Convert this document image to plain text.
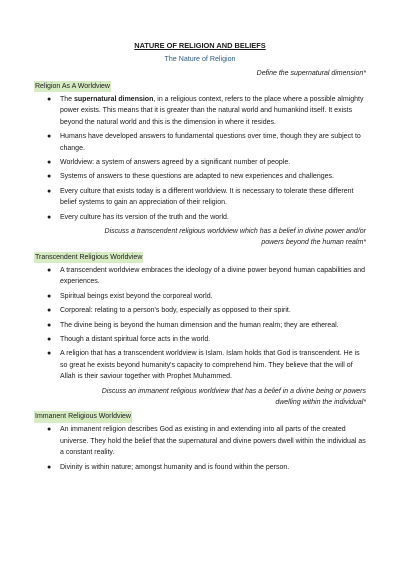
NATURE OF RELIGION AND BELIEFS

The Nature of Religion

Define the supernatural dimension*

Religion As A Worldview
● The supernatural dimension, in a religious context, refers to the place where a possible almighty power exists. This means that it is greater than the natural world and humankind itself. It exists beyond the natural world and this is the dimension in where it resides.
● Humans have developed answers to fundamental questions over time, though they are subject to change.
● Worldview: a system of answers agreed by a significant number of people.
● Systems of answers to these questions are adapted to new experiences and challenges.
● Every culture that exists today is a different worldview. It is necessary to tolerate these different belief systems to gain an appreciation of their religion.
● Every culture has its version of the truth and the world.

Discuss a transcendent religious worldview which has a belief in divine power and/or powers beyond the human realm*

Transcendent Religious Worldview
● A transcendent worldview embraces the ideology of a divine power beyond human capabilities and experiences.
● Spiritual beings exist beyond the corporeal world.
● Corporeal: relating to a person's body, especially as opposed to their spirit.
● The divine being is beyond the human dimension and the human realm; they are ethereal.
● Though a distant spiritual force acts in the world.
● A religion that has a transcendent worldview is Islam. Islam holds that God is transcendent. He is so great he exists beyond humanity's capacity to comprehend him. They believe that the will of Allah is their saviour together with Prophet Muhammed.

Discuss an immanent religious worldview that has a belief in a divine being or powers dwelling within the individual*

Immanent Religious Worldview
● An immanent religion describes God as existing in and extending into all parts of the created universe. They hold the belief that the supernatural and divine powers dwell within the individual as a constant reality.
● Divinity is within nature; amongst humanity and is found within the person.
